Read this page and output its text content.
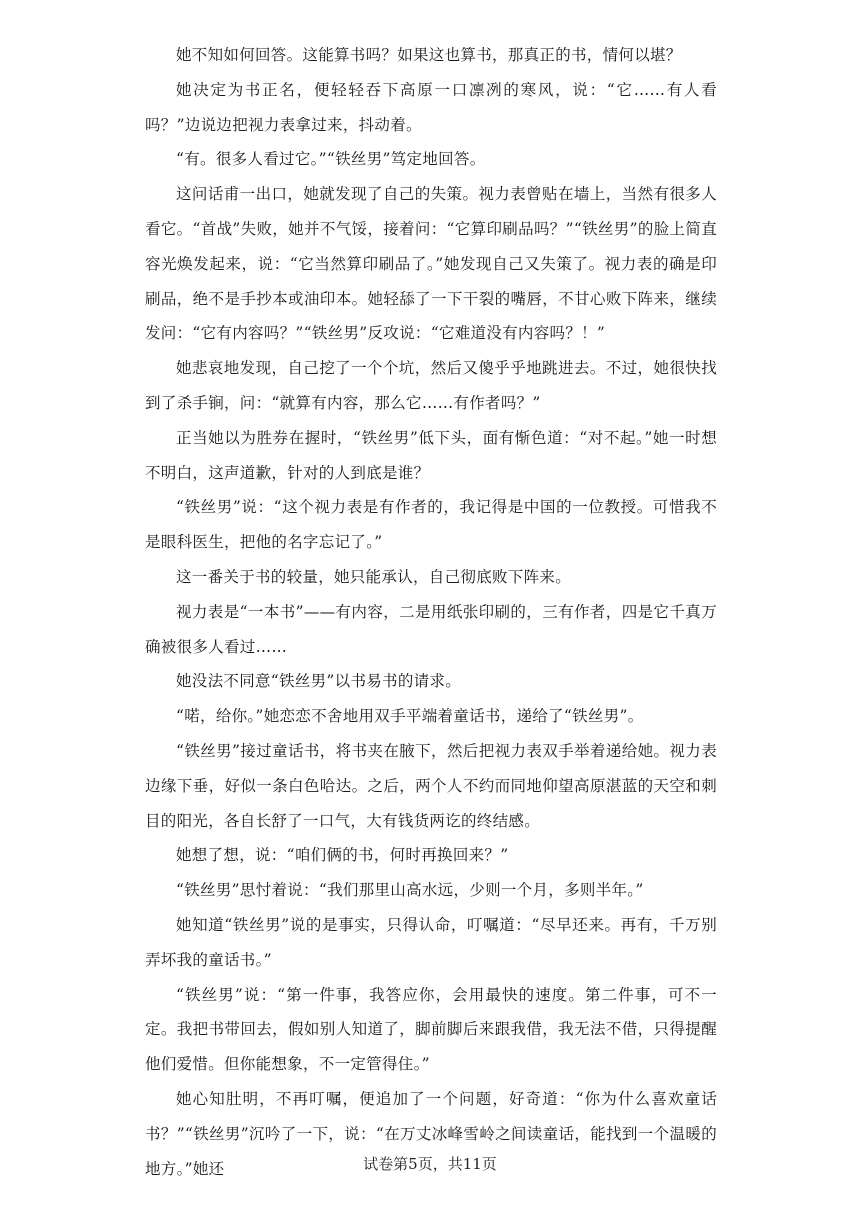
她不知如何回答。这能算书吗？如果这也算书，那真正的书，情何以堪？

她决定为书正名，便轻轻吞下高原一口凛冽的寒风，说：“它……有人看吗？”边说边把视力表拿过来，抖动着。

“有。很多人看过它。”“铁丝男”笃定地回答。

这问话甫一出口，她就发现了自己的失策。视力表曾贴在墙上，当然有很多人看它。“首战”失败，她并不气馁，接着问：“它算印刷品吗？”“铁丝男”的脸上简直容光焕发起来，说：“它当然算印刷品了。”她发现自己又失策了。视力表的确是印刷品，绝不是手抄本或油印本。她轻舔了一下干裂的嘴唇，不甘心败下阵来，继续发问：“它有内容吗？”“铁丝男”反攻说：“它难道没有内容吗？！”

她悲哀地发现，自己挖了一个个坑，然后又傻乎乎地跳进去。不过，她很快找到了杀手锏，问：“就算有内容，那么它……有作者吗？”

正当她以为胜券在握时，“铁丝男”低下头，面有惭色道：“对不起。”她一时想不明白，这声道歉，针对的人到底是谁？

“铁丝男”说：“这个视力表是有作者的，我记得是中国的一位教授。可惜我不是眼科医生，把他的名字忘记了。”

这一番关于书的较量，她只能承认，自己彻底败下阵来。

视力表是“一本书”——有内容，二是用纸张印刷的，三有作者，四是它千真万确被很多人看过……

她没法不同意“铁丝男”以书易书的请求。

“喏，给你。”她恋恋不舍地用双手平端着童话书，递给了“铁丝男”。

“铁丝男”接过童话书，将书夹在腋下，然后把视力表双手举着递给她。视力表边缘下垂，好似一条白色哈达。之后，两个人不约而同地仰望高原湛蓝的天空和刺目的阳光，各自长舒了一口气，大有钱货两讫的终结感。

她想了想，说：“咱们俩的书，何时再换回来？”

“铁丝男”思忖着说：“我们那里山高水远，少则一个月，多则半年。”

她知道“铁丝男”说的是事实，只得认命，叮嘱道：“尽早还来。再有，千万别弄坏我的童话书。”

“铁丝男”说：“第一件事，我答应你，会用最快的速度。第二件事，可不一定。我把书带回去，假如别人知道了，脚前脚后来跟我借，我无法不借，只得提醒他们爱惜。但你能想象，不一定管得住。”

她心知肚明，不再叮嘱，便追加了一个问题，好奇道：“你为什么喜欢童话书？”“铁丝男”沉吟了一下，说：“在万丈冰峰雪岭之间读童话，能找到一个温暖的地方。”她还	试卷第5页，共11页
